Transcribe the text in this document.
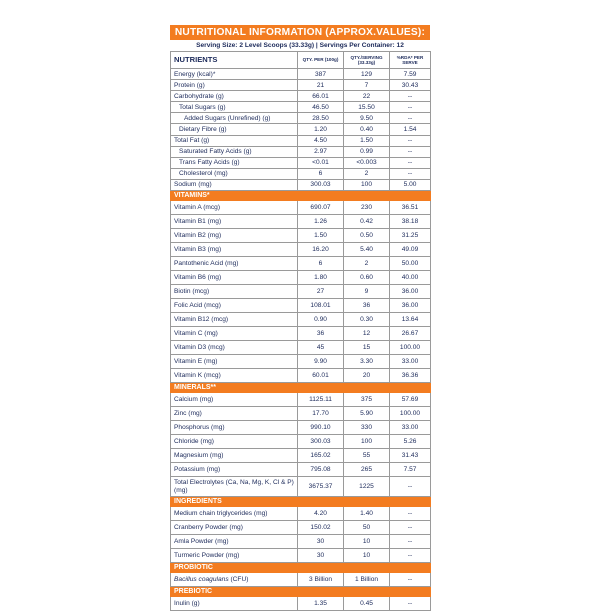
NUTRITIONAL INFORMATION (APPROX.VALUES):
Serving Size: 2 Level Scoops (33.33g) | Servings Per Container: 12
NUTRIENTS	QTY. PER (100g)	QTY./SERVING (33.33g)	%RDA* PER SERVE
Energy (kcal)*	387	129	7.59
Protein (g)	21	7	30.43
Carbohydrate (g)	66.01	22	--
Total Sugars (g)	46.50	15.50	--
Added Sugars (Unrefined) (g)	28.50	9.50	--
Dietary Fibre (g)	1.20	0.40	1.54
Total Fat (g)	4.50	1.50	--
Saturated Fatty Acids (g)	2.97	0.99	--
Trans Fatty Acids (g)	<0.01	<0.003	--
Cholesterol (mg)	6	2	--
Sodium (mg)	300.03	100	5.00
VITAMINS*			
Vitamin A (mcg)	690.07	230	36.51
Vitamin B1 (mg)	1.26	0.42	38.18
Vitamin B2 (mg)	1.50	0.50	31.25
Vitamin B3 (mg)	16.20	5.40	49.09
Pantothenic Acid (mg)	6	2	50.00
Vitamin B6 (mg)	1.80	0.60	40.00
Biotin (mcg)	27	9	36.00
Folic Acid (mcg)	108.01	36	36.00
Vitamin B12 (mcg)	0.90	0.30	13.64
Vitamin C (mg)	36	12	26.67
Vitamin D3 (mcg)	45	15	100.00
Vitamin E (mg)	9.90	3.30	33.00
Vitamin K (mcg)	60.01	20	36.36
MINERALS**			
Calcium (mg)	1125.11	375	57.69
Zinc (mg)	17.70	5.90	100.00
Phosphorus (mg)	990.10	330	33.00
Chloride (mg)	300.03	100	5.26
Magnesium (mg)	165.02	55	31.43
Potassium (mg)	795.08	265	7.57
Total Electrolytes (Ca, Na, Mg, K, Cl & P) (mg)	3675.37	1225	--
INGREDIENTS			
Medium chain triglycerides (mg)	4.20	1.40	--
Cranberry Powder (mg)	150.02	50	--
Amla Powder (mg)	30	10	--
Turmeric Powder (mg)	30	10	--
PROBIOTIC			
Bacillus coagulans (CFU)	3 Billion	1 Billion	--
PREBIOTIC			
Inulin (g)	1.35	0.45	--
